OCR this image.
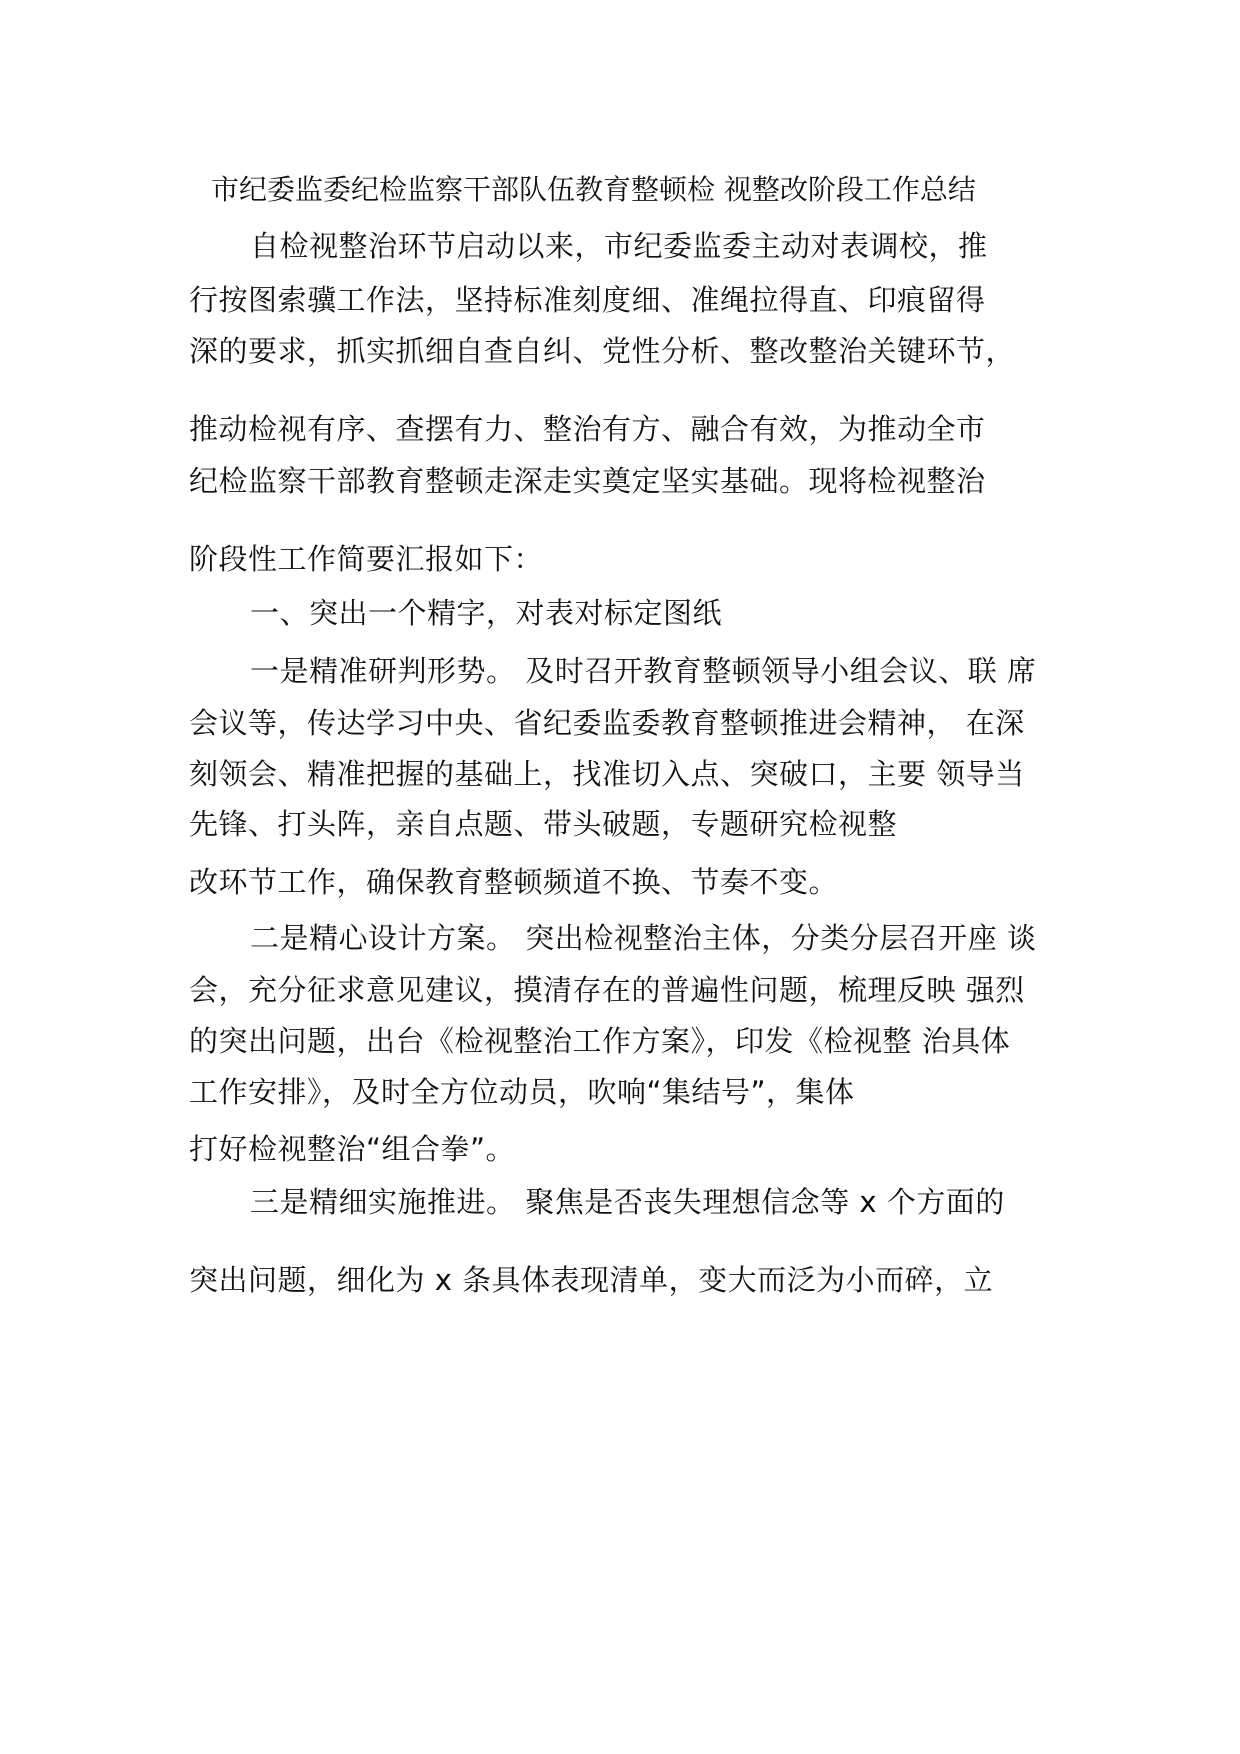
市纪委监委纪检监察干部队伍教育整顿检 视整改阶段工作总结
自检视整治环节启动以来，市纪委监委主动对表调校，推
行按图索骥工作法，坚持标准刻度细、准绳拉得直、印痕留得
深的要求，抓实抓细自查自纠、党性分析、整改整治关键环节，
推动检视有序、查摆有力、整治有方、融合有效，为推动全市
纪检监察干部教育整顿走深走实奠定坚实基础。现将检视整治
阶段性工作简要汇报如下：
一、突出一个精字，对表对标定图纸
一是精准研判形势。 及时召开教育整顿领导小组会议、联 席
会议等，传达学习中央、省纪委监委教育整顿推进会精神， 在深
刻领会、精准把握的基础上，找准切入点、突破口，主要 领导当
先锋、打头阵，亲自点题、带头破题，专题研究检视整
改环节工作，确保教育整顿频道不换、节奏不变。
二是精心设计方案。 突出检视整治主体，分类分层召开座 谈
会，充分征求意见建议，摸清存在的普遍性问题，梳理反映 强烈
的突出问题，出台《检视整治工作方案》，印发《检视整 治具体
工作安排》，及时全方位动员，吹响“集结号”，集体
打好检视整治“组合拳”。
三是精细实施推进。 聚焦是否丧失理想信念等 x 个方面的
突出问题，细化为 x 条具体表现清单，变大而泛为小而碎，立
